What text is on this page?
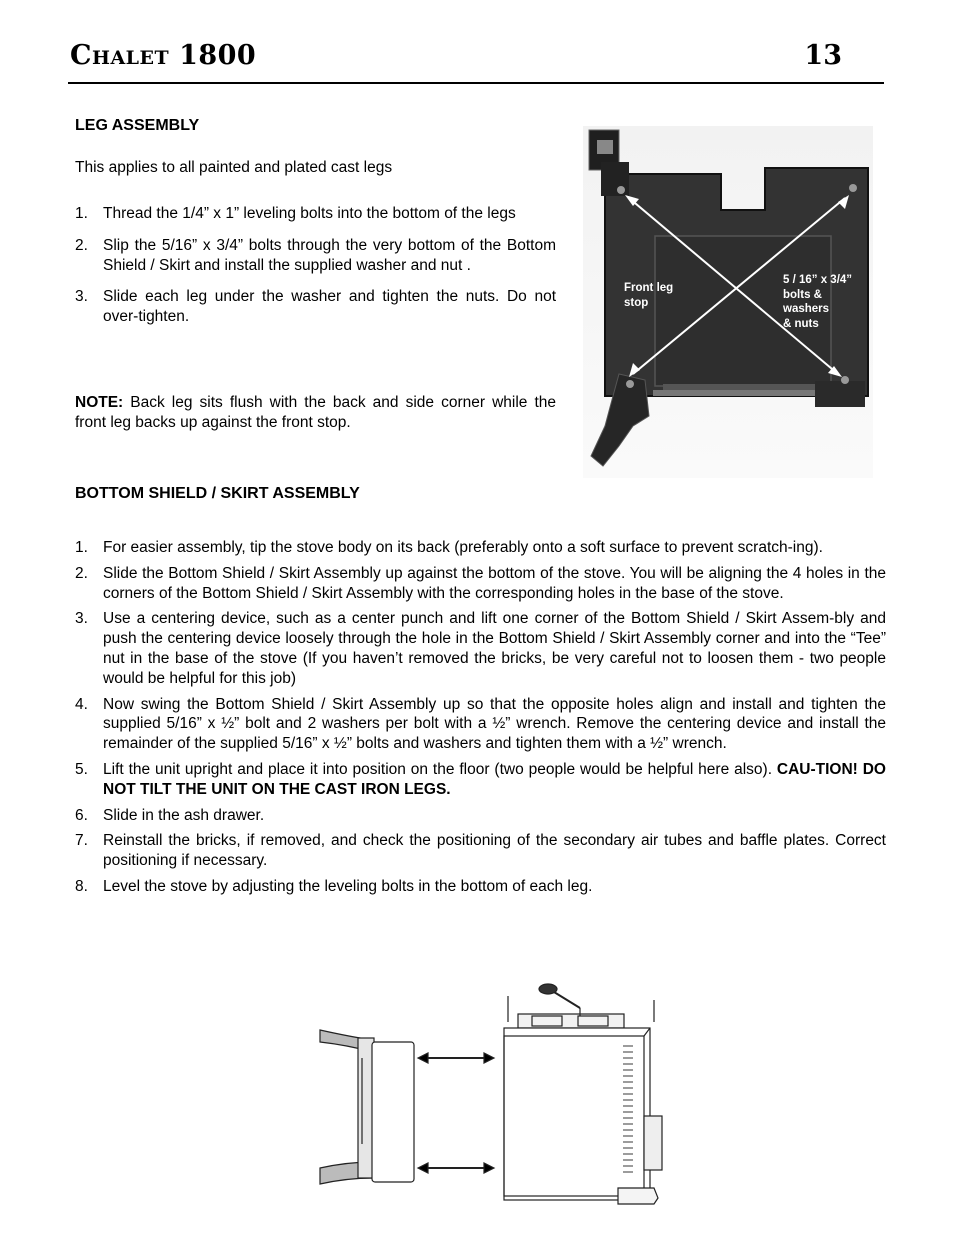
Chalet 1800	13
LEG ASSEMBLY
This applies to all painted and plated cast legs
1. Thread the 1/4” x 1” leveling bolts into the bottom of the legs
2. Slip the 5/16” x 3/4” bolts through the very bottom of the Bottom Shield / Skirt and install the supplied washer and nut .
3. Slide each leg under the washer and tighten the nuts. Do not over-tighten.
NOTE: Back leg sits flush with the back and side corner while the front leg backs up against the front stop.
Front leg
stop
5 / 16” x 3/4”
bolts &
washers
& nuts
BOTTOM SHIELD / SKIRT ASSEMBLY
1. For easier assembly, tip the stove body on its back (preferably onto a soft surface to prevent scratch-ing).
2. Slide the Bottom Shield / Skirt Assembly up against the bottom of the stove. You will be aligning the 4 holes in the corners of the Bottom Shield / Skirt Assembly with the corresponding holes in the base of the stove.
3. Use a centering device, such as a center punch and lift one corner of the Bottom Shield / Skirt Assem-bly and push the centering device loosely through the hole in the Bottom Shield / Skirt Assembly corner and into the “Tee” nut in the base of the stove (If you haven’t removed the bricks, be very careful not to loosen them - two people would be helpful for this job)
4. Now swing the Bottom Shield / Skirt Assembly up so that the opposite holes align and install and tighten the supplied 5/16” x ½” bolt and 2 washers per bolt with a ½” wrench. Remove the centering device and install the remainder of the supplied 5/16” x ½” bolts and washers and tighten them with a ½” wrench.
5. Lift the unit upright and place it into position on the floor (two people would be helpful here also). CAU-TION! DO NOT TILT THE UNIT ON THE CAST IRON LEGS.
6. Slide in the ash drawer.
7. Reinstall the bricks, if removed, and check the positioning of the secondary air tubes and baffle plates. Correct positioning if necessary.
8. Level the stove by adjusting the leveling bolts in the bottom of each leg.
